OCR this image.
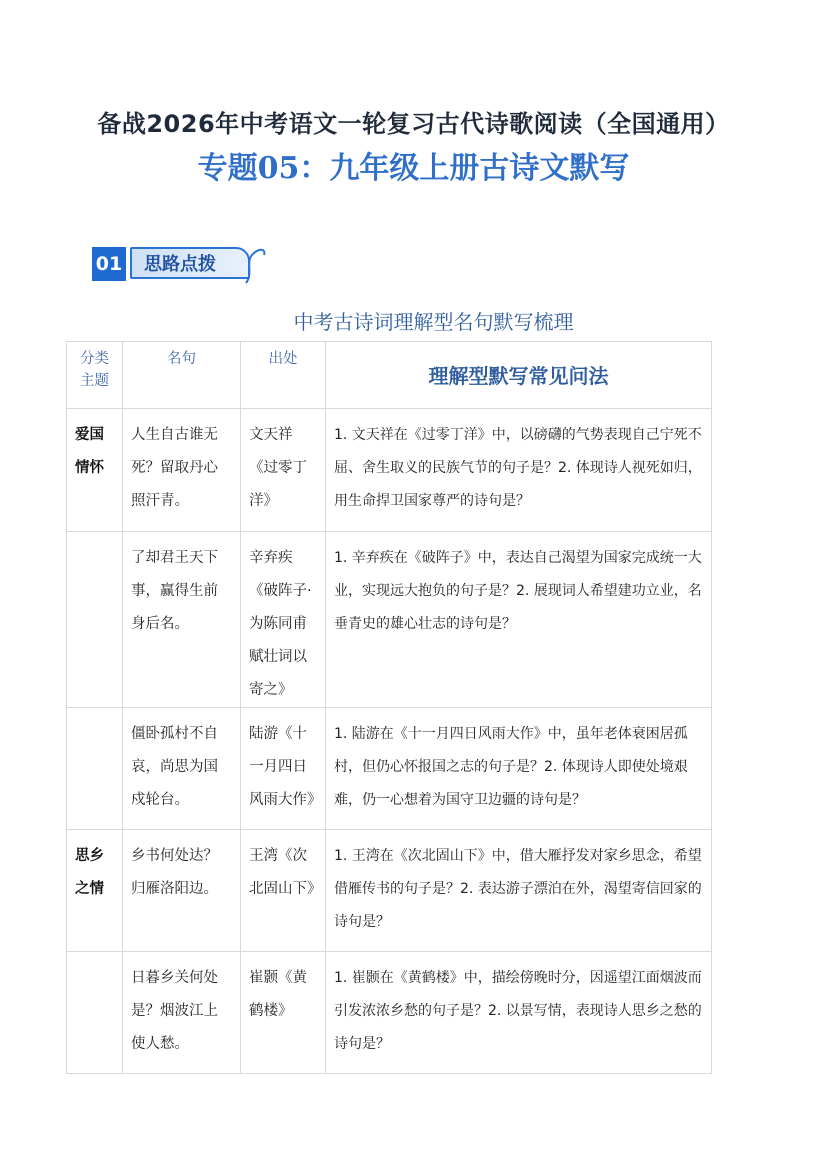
备战2026年中考语文一轮复习古代诗歌阅读（全国通用）
专题05：九年级上册古诗文默写
01	思路点拨
中考古诗词理解型名句默写梳理
分类主题	名句	出处	理解型默写常见问法
爱国情怀	人生自古谁无死？留取丹心照汗青。	文天祥《过零丁洋》	1. 文天祥在《过零丁洋》中，以磅礴的气势表现自己宁死不屈、舍生取义的民族气节的句子是？2. 体现诗人视死如归，用生命捍卫国家尊严的诗句是？
	了却君王天下事，赢得生前身后名。	辛弃疾《破阵子·为陈同甫赋壮词以寄之》	1. 辛弃疾在《破阵子》中，表达自己渴望为国家完成统一大业，实现远大抱负的句子是？2. 展现词人希望建功立业，名垂青史的雄心壮志的诗句是？
	僵卧孤村不自哀，尚思为国戍轮台。	陆游《十一月四日风雨大作》	1. 陆游在《十一月四日风雨大作》中，虽年老体衰困居孤村，但仍心怀报国之志的句子是？2. 体现诗人即使处境艰难，仍一心想着为国守卫边疆的诗句是？
思乡之情	乡书何处达？归雁洛阳边。	王湾《次北固山下》	1. 王湾在《次北固山下》中，借大雁抒发对家乡思念，希望借雁传书的句子是？2. 表达游子漂泊在外，渴望寄信回家的诗句是？
	日暮乡关何处是？烟波江上使人愁。	崔颢《黄鹤楼》	1. 崔颢在《黄鹤楼》中，描绘傍晚时分，因遥望江面烟波而引发浓浓乡愁的句子是？2. 以景写情，表现诗人思乡之愁的诗句是？
